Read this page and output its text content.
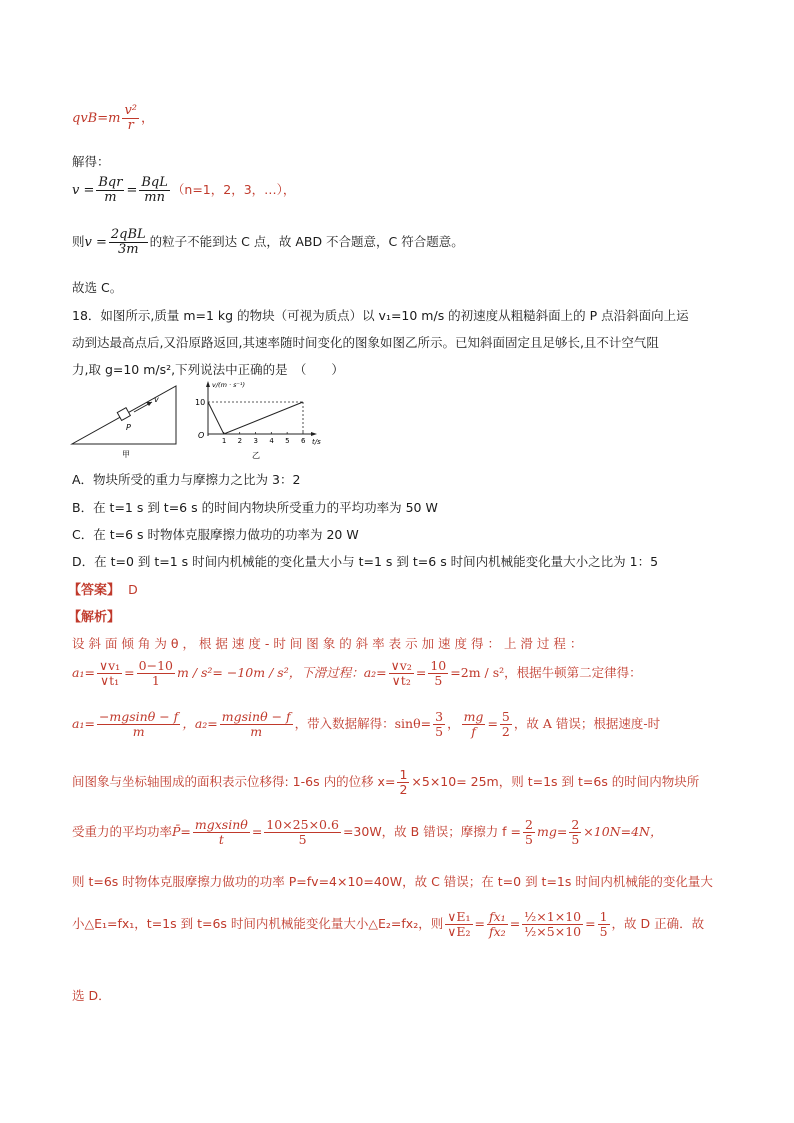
$qvB=m \frac{\text{v²}}{r}$ ，
解得：
$v = \frac{\text{Bqr}}{m} = \frac{\text{BqL}}{mn} (n=1$，2，3，…），
则$v = \frac{\text{2qBL}}{3m}$ 的粒子不能到达 C 点，故 ABD 不合题意，C 符合题意。
故选 C。
18．如图所示,质量 m=1 kg 的物块（可视为质点）以 v₁=10 m/s 的初速度从粗糙斜面上的 P 点沿斜面向上运
动到达最高点后,又沿原路返回,其速率随时间变化的图象如图乙所示。已知斜面固定且足够长,且不计空气阻
力,取 g=10 m/s²,下列说法中正确的是　（　　）
v
P
甲
v/(m · s⁻¹)
t/s
O
10
1 2 3 4 5 6
乙
A．物块所受的重力与摩擦力之比为 3：2
B．在 t=1 s 到 t=6 s 的时间内物块所受重力的平均功率为 50 W
C．在 t=6 s 时物体克服摩擦力做功的功率为 20 W
D．在 t=0 到 t=1 s 时间内机械能的变化量大小与 t=1 s 到 t=6 s 时间内机械能变化量大小之比为 1：5
【答案】 D
【解析】
设 斜 面 倾 角 为 θ ， 根 据 速 度 - 时 间 图 象 的 斜 率 表 示 加 速 度 得 ： 上 滑 过 程 ：
$a_1= \frac{\text{∨v₁}}{\text{∨t₁}} = \frac{0-10}{1}$ m / s²= −10m / s²，下滑过程：$a_2= \frac{\text{∨v₂}}{\text{∨t₂}} = \frac{10}{5} =2m / s^2$，根据牛顿第二定律得：
$a_1= \frac{-mgsin\theta - f}{m}$ ，$a_2= \frac{mgsin\theta - f}{m}$ ，带入数据解得：$\sin\theta= \frac{3}{5}$ ， $\frac{mg}{f} = \frac{5}{2}$ ，故 A 错误；根据速度-时
间图象与坐标轴围成的面积表示位移得: 1-6s 内的位移 $x= \frac{1}{2} \times 5\times 10= 25m$，则 t=1s 到 t=6s 的时间内物块所
受重力的平均功率P̄= $\frac{\text{mgxsinθ}}{t} = \frac{10\times 25\times 0.6}{5} =30W$，故 B 错误；摩擦力 $f = \frac{2}{5} mg= \frac{2}{5} \times 10N=4N$，
则 t=6s 时物体克服摩擦力做功的功率 P=fv=4×10=40W，故 C 错误；在 t=0 到 t=1s 时间内机械能的变化量大
小△E₁=fx₁，t=1s 到 t=6s 时间内机械能变化量大小△E₂=fx₂，则 $\frac{\text{∨E₁}}{\text{∨E₂}} = \frac{\text{fx₁}}{\text{fx₂}} = \frac{\text{½×1×10}}{\text{½×5×10}} = \frac{1}{5}$ ，故 D 正确．故
选 D．
